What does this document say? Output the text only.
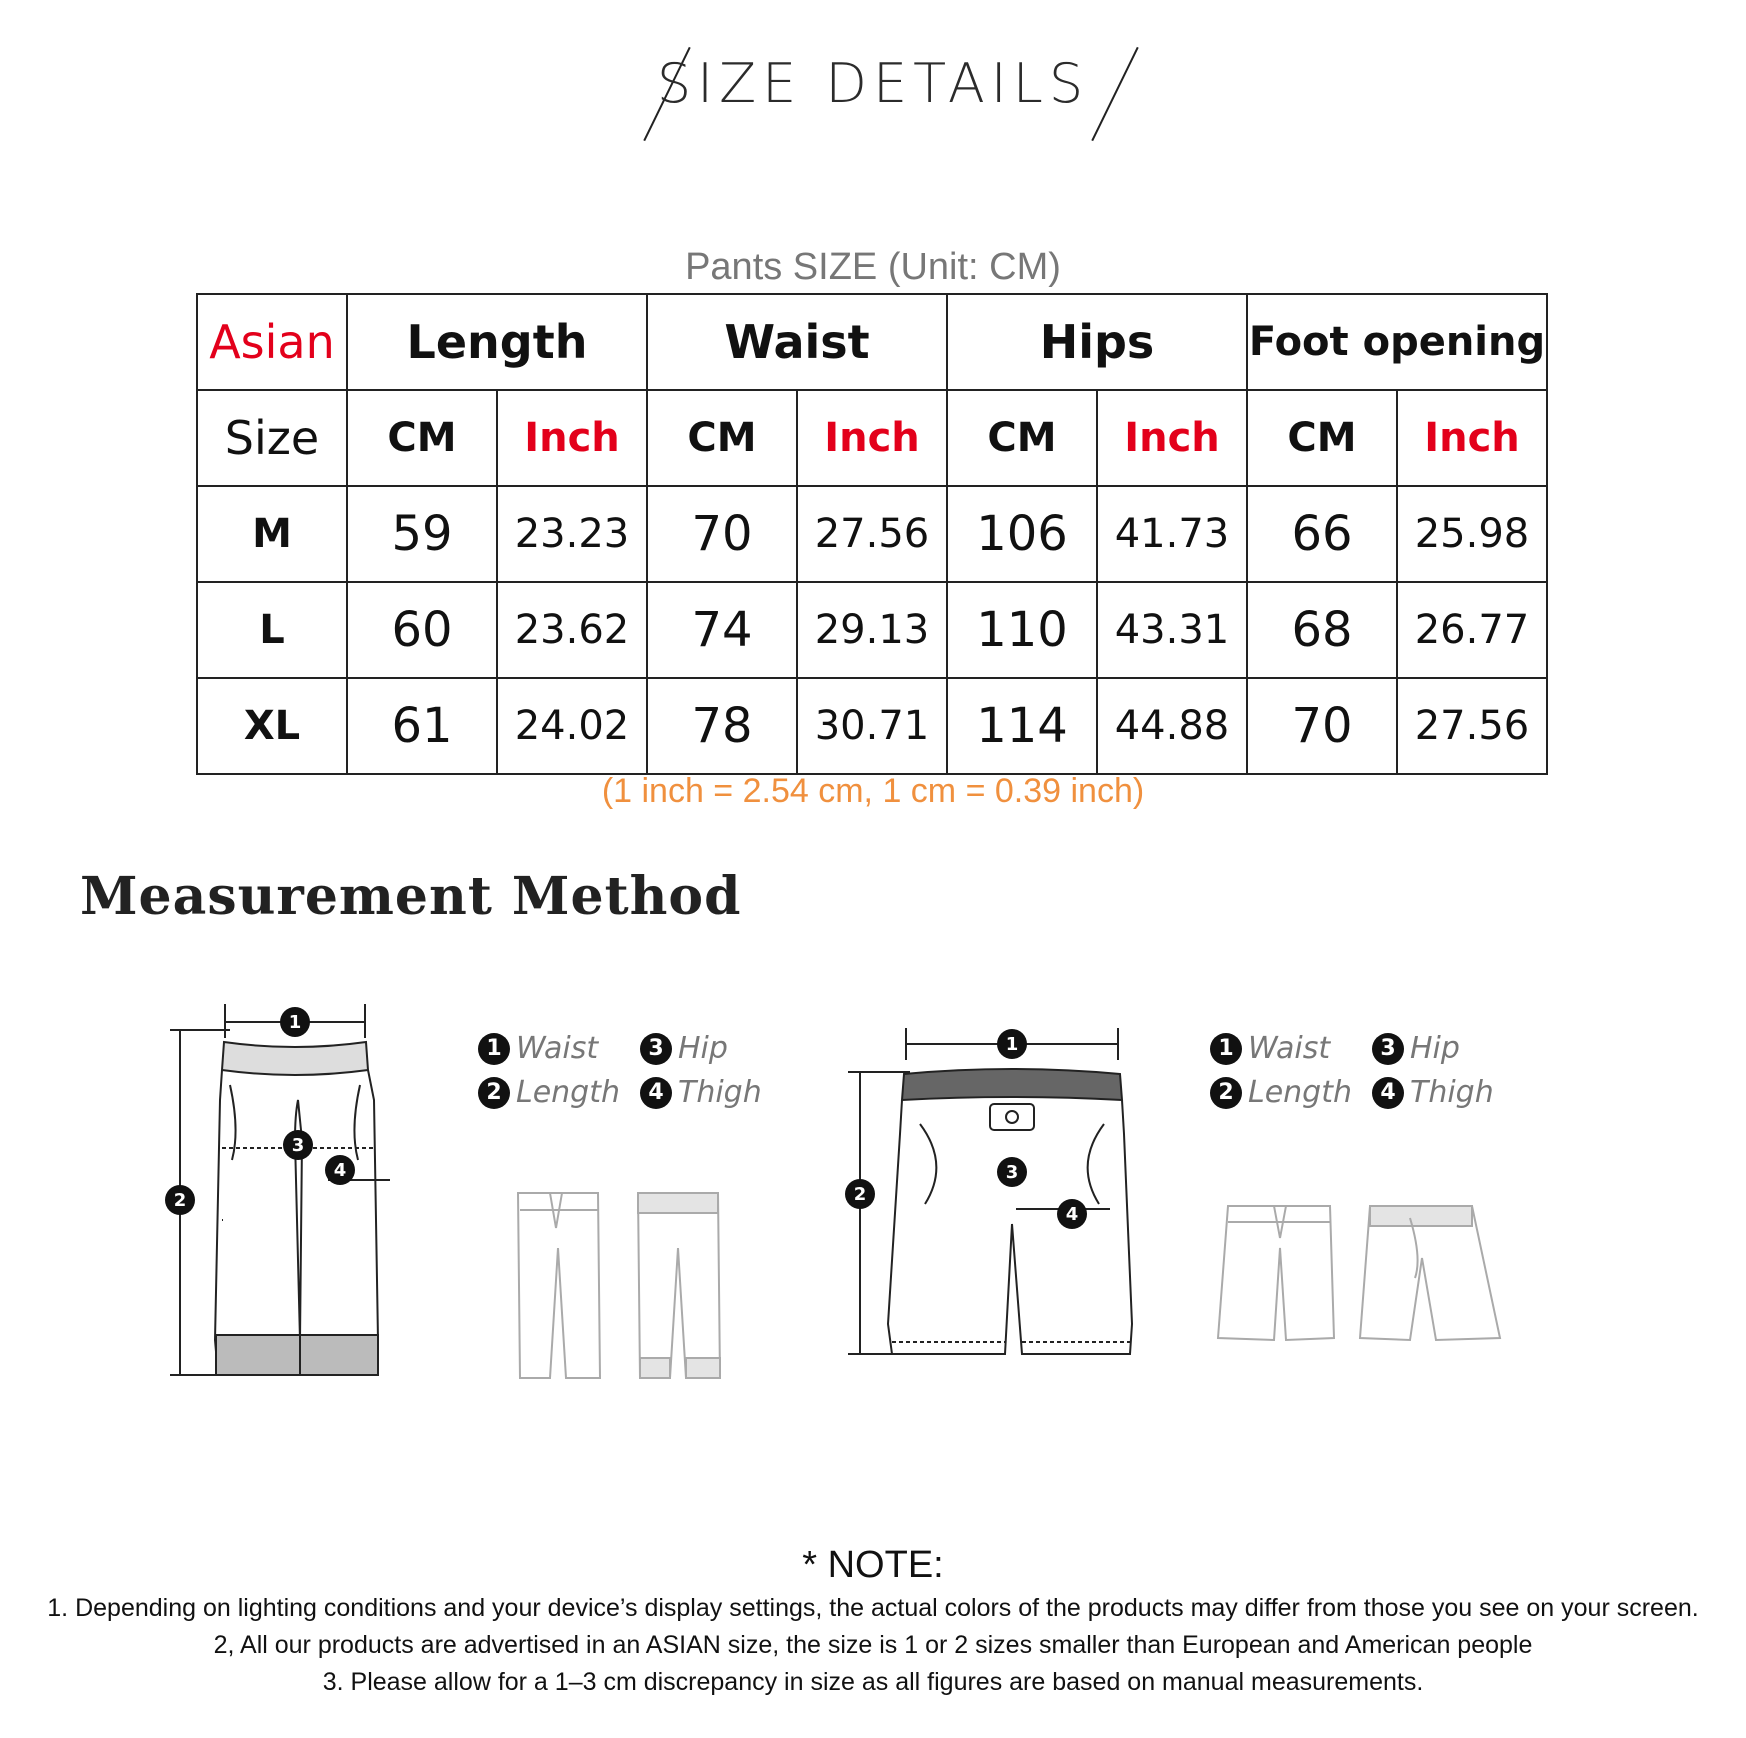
SIZE DETAILS
Pants SIZE (Unit: CM)
Asian	Length		Waist		Hips		Foot opening	
Size	CM	Inch	CM	Inch	CM	Inch	CM	Inch
M	59	23.23	70	27.56	106	41.73	66	25.98
L	60	23.62	74	29.13	110	43.31	68	26.77
XL	61	24.02	78	30.71	114	44.88	70	27.56
(1 inch = 2.54 cm, 1 cm = 0.39 inch)
Measurement Method
1
2
3
4
1 Waist	3 Hip
2 Length	4 Thigh
1
2
3
4
1 Waist	3 Hip
2 Length	4 Thigh
* NOTE:
1. Depending on lighting conditions and your device’s display settings, the actual colors of the products may differ from those you see on your screen.
2, All our products are advertised in an ASIAN size, the size is 1 or 2 sizes smaller than European and American people
3. Please allow for a 1–3 cm discrepancy in size as all figures are based on manual measurements.
